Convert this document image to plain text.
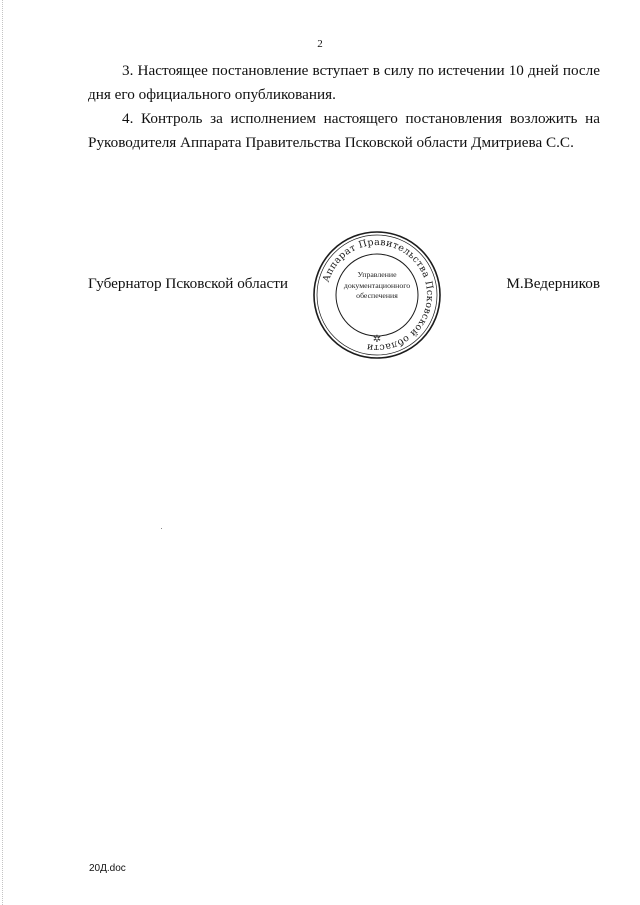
2

3. Настоящее постановление вступает в силу по истечении 10 дней после дня его официального опубликования.

4. Контроль за исполнением настоящего постановления возложить на Руководителя Аппарата Правительства Псковской области Дмитриева С.С.

Губернатор Псковской области	М.Ведерников
Аппарат Правительства Псковской области
Управление
документационного
обеспечения
✲
20Д.doc
